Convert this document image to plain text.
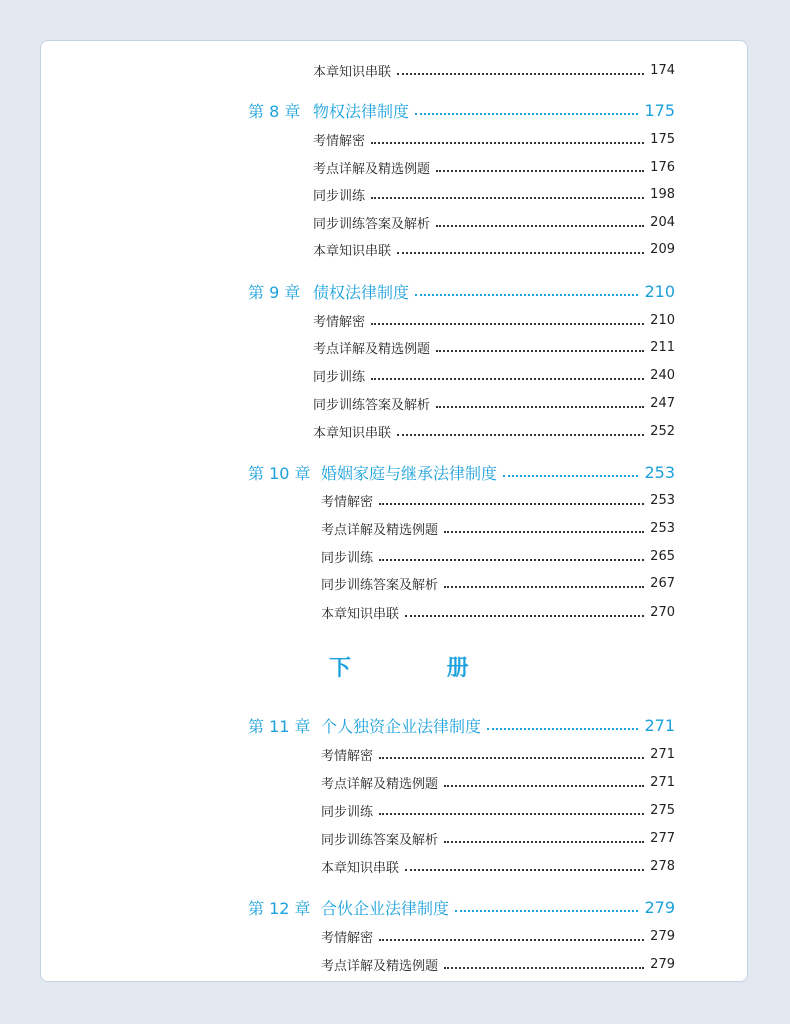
下 册
本章知识串联	174
第 8 章 物权法律制度	175
考情解密	175
考点详解及精选例题	176
同步训练	198
同步训练答案及解析	204
本章知识串联	209
第 9 章 债权法律制度	210
考情解密	210
考点详解及精选例题	211
同步训练	240
同步训练答案及解析	247
本章知识串联	252
第 10 章 婚姻家庭与继承法律制度	253
考情解密	253
考点详解及精选例题	253
同步训练	265
同步训练答案及解析	267
本章知识串联	270
第 11 章 个人独资企业法律制度	271
考情解密	271
考点详解及精选例题	271
同步训练	275
同步训练答案及解析	277
本章知识串联	278
第 12 章 合伙企业法律制度	279
考情解密	279
考点详解及精选例题	279
